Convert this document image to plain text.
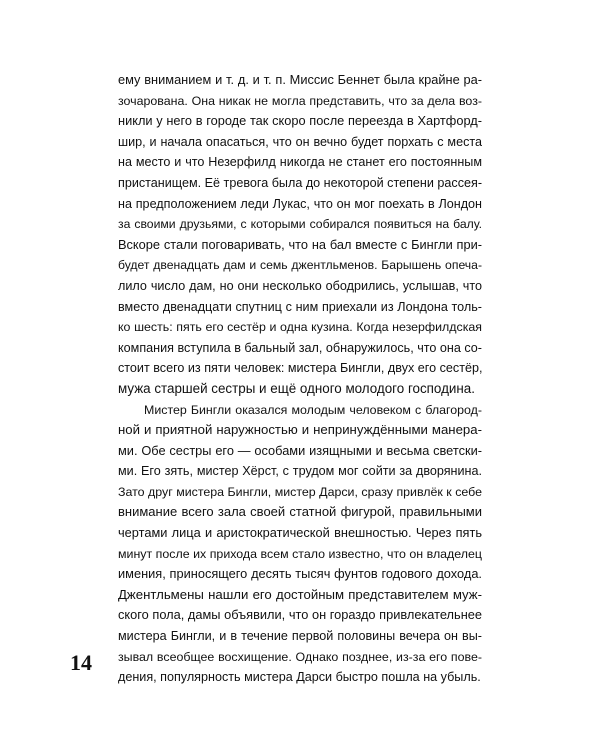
ему вниманием и т. д. и т. п. Миссис Беннет была крайне ра-
зочарована. Она никак не могла представить, что за дела воз-
никли у него в городе так скоро после переезда в Хартфорд-
шир, и начала опасаться, что он вечно будет порхать с места
на место и что Незерфилд никогда не станет его постоянным
пристанищем. Её тревога была до некоторой степени рассея-
на предположением леди Лукас, что он мог поехать в Лондон
за своими друзьями, с которыми собирался появиться на балу.
Вскоре стали поговаривать, что на бал вместе с Бингли при-
будет двенадцать дам и семь джентльменов. Барышень опеча-
лило число дам, но они несколько ободрились, услышав, что
вместо двенадцати спутниц с ним приехали из Лондона толь-
ко шесть: пять его сестёр и одна кузина. Когда незерфилдская
компания вступила в бальный зал, обнаружилось, что она со-
стоит всего из пяти человек: мистера Бингли, двух его сестёр,
мужа старшей сестры и ещё одного молодого господина.
Мистер Бингли оказался молодым человеком с благород-
ной и приятной наружностью и непринуждёнными манера-
ми. Обе сестры его — особами изящными и весьма светски-
ми. Его зять, мистер Хёрст, с трудом мог сойти за дворянина.
Зато друг мистера Бингли, мистер Дарси, сразу привлёк к себе
внимание всего зала своей статной фигурой, правильными
чертами лица и аристократической внешностью. Через пять
минут после их прихода всем стало известно, что он владелец
имения, приносящего десять тысяч фунтов годового дохода.
Джентльмены нашли его достойным представителем муж-
ского пола, дамы объявили, что он гораздо привлекательнее
мистера Бингли, и в течение первой половины вечера он вы-
зывал всеобщее восхищение. Однако позднее, из-за его пове-
дения, популярность мистера Дарси быстро пошла на убыль.
14
